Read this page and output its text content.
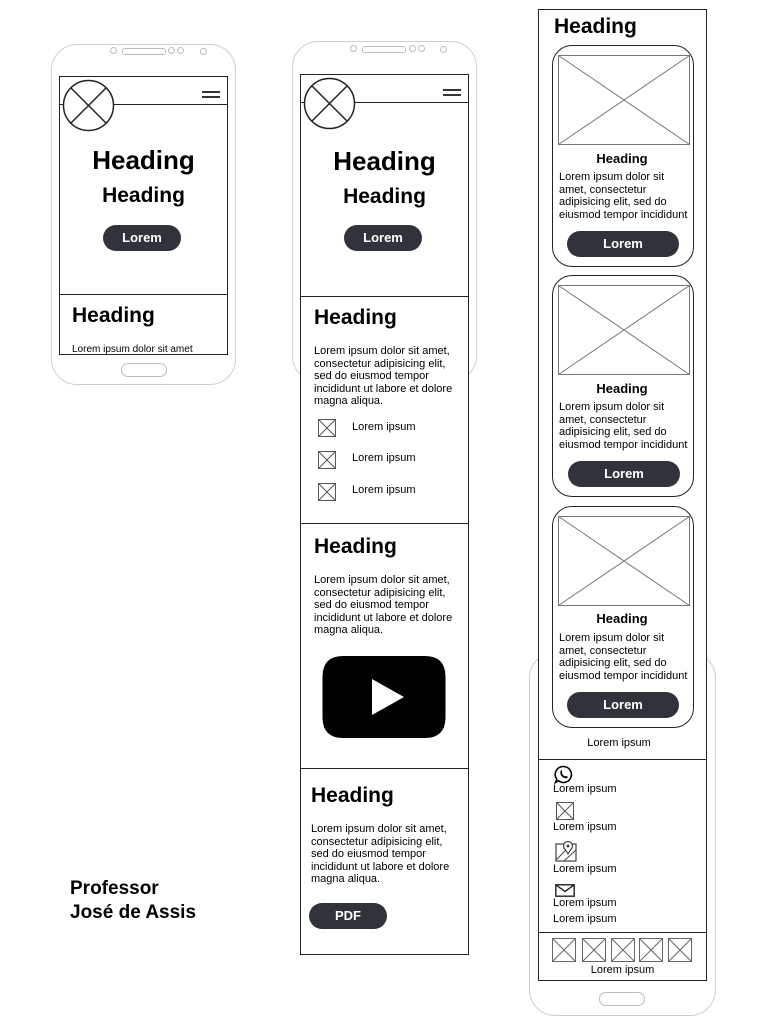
Heading
Heading
Lorem
Heading
Lorem ipsum dolor sit amet
Heading
Heading
Lorem
Heading
Lorem ipsum dolor sit amet,
consectetur adipisicing elit,
sed do eiusmod tempor
incididunt ut labore et dolore
magna aliqua.
Lorem ipsum
Lorem ipsum
Lorem ipsum
Heading
Lorem ipsum dolor sit amet,
consectetur adipisicing elit,
sed do eiusmod tempor
incididunt ut labore et dolore
magna aliqua.
Heading
Lorem ipsum dolor sit amet,
consectetur adipisicing elit,
sed do eiusmod tempor
incididunt ut labore et dolore
magna aliqua.
PDF
Heading
Heading
Lorem ipsum dolor sit
amet, consectetur
adipisicing elit, sed do
eiusmod tempor incididunt
Lorem
Heading
Lorem ipsum dolor sit
amet, consectetur
adipisicing elit, sed do
eiusmod tempor incididunt
Lorem
Heading
Lorem ipsum dolor sit
amet, consectetur
adipisicing elit, sed do
eiusmod tempor incididunt
Lorem
Lorem ipsum
Lorem ipsum
Lorem ipsum
Lorem ipsum
Lorem ipsum
Lorem ipsum
Lorem ipsum
Professor
José de Assis
